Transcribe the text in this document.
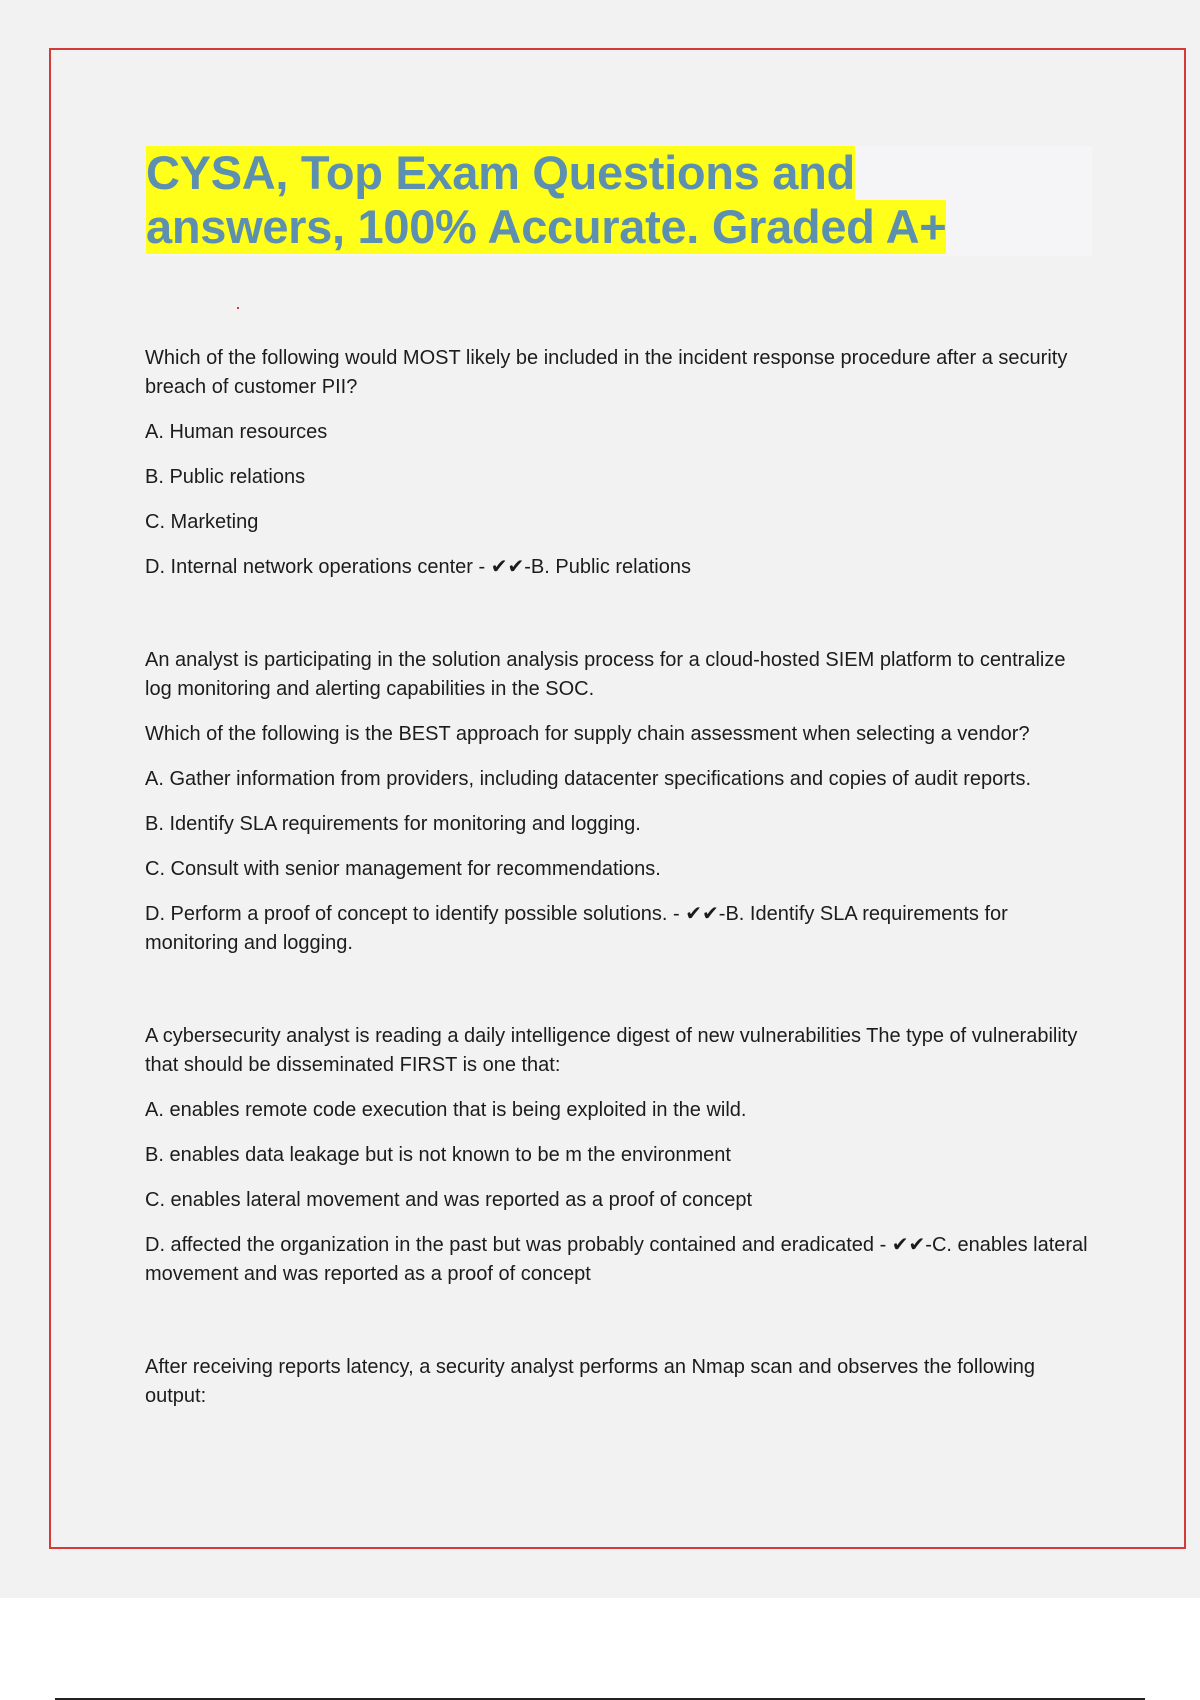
CYSA, Top Exam Questions and
answers, 100% Accurate. Graded A+

Which of the following would MOST likely be included in the incident response procedure after a security breach of customer PII?

A. Human resources

B. Public relations

C. Marketing

D. Internal network operations center - ✔✔-B. Public relations

An analyst is participating in the solution analysis process for a cloud-hosted SIEM platform to centralize log monitoring and alerting capabilities in the SOC.

Which of the following is the BEST approach for supply chain assessment when selecting a vendor?

A. Gather information from providers, including datacenter specifications and copies of audit reports.

B. Identify SLA requirements for monitoring and logging.

C. Consult with senior management for recommendations.

D. Perform a proof of concept to identify possible solutions. - ✔✔-B. Identify SLA requirements for monitoring and logging.

A cybersecurity analyst is reading a daily intelligence digest of new vulnerabilities The type of vulnerability that should be disseminated FIRST is one that:

A. enables remote code execution that is being exploited in the wild.

B. enables data leakage but is not known to be m the environment

C. enables lateral movement and was reported as a proof of concept

D. affected the organization in the past but was probably contained and eradicated - ✔✔-C. enables lateral movement and was reported as a proof of concept

After receiving reports latency, a security analyst performs an Nmap scan and observes the following output:
